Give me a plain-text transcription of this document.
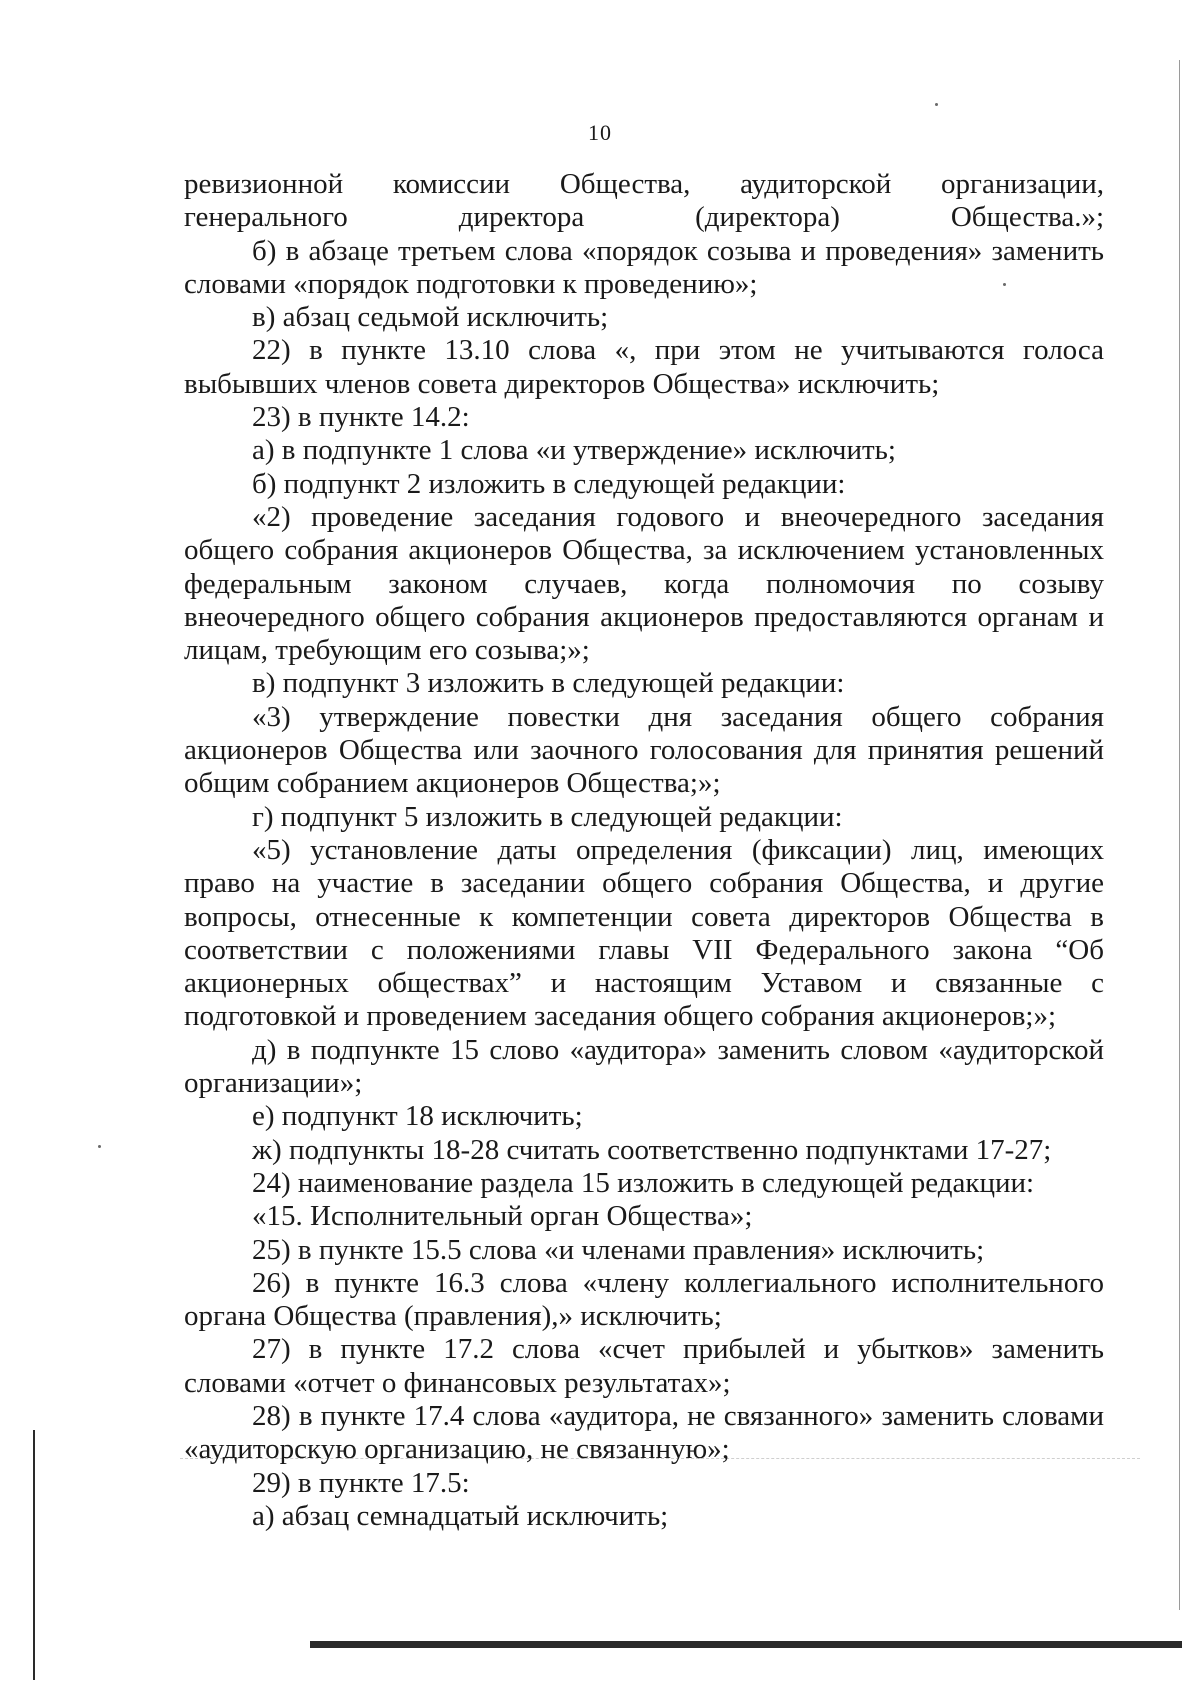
10

ревизионной комиссии Общества, аудиторской организации, генерального директора (директора) Общества.»;

б) в абзаце третьем слова «порядок созыва и проведения» заменить словами «порядок подготовки к проведению»;

в) абзац седьмой исключить;

22) в пункте 13.10 слова «, при этом не учитываются голоса выбывших членов совета директоров Общества» исключить;

23) в пункте 14.2:

а) в подпункте 1 слова «и утверждение» исключить;

б) подпункт 2 изложить в следующей редакции:

«2) проведение заседания годового и внеочередного заседания общего собрания акционеров Общества, за исключением установленных федеральным законом случаев, когда полномочия по созыву внеочередного общего собрания акционеров предоставляются органам и лицам, требующим его созыва;»;

в) подпункт 3 изложить в следующей редакции:

«3) утверждение повестки дня заседания общего собрания акционеров Общества или заочного голосования для принятия решений общим собранием акционеров Общества;»;

г) подпункт 5 изложить в следующей редакции:

«5) установление даты определения (фиксации) лиц, имеющих право на участие в заседании общего собрания Общества, и другие вопросы, отнесенные к компетенции совета директоров Общества в соответствии с положениями главы VII Федерального закона “Об акционерных обществах” и настоящим Уставом и связанные с подготовкой и проведением заседания общего собрания акционеров;»;

д) в подпункте 15 слово «аудитора» заменить словом «аудиторской организации»;

е) подпункт 18 исключить;

ж) подпункты 18-28 считать соответственно подпунктами 17-27;

24) наименование раздела 15 изложить в следующей редакции:

«15. Исполнительный орган Общества»;

25) в пункте 15.5 слова «и членами правления» исключить;

26) в пункте 16.3 слова «члену коллегиального исполнительного органа Общества (правления),» исключить;

27) в пункте 17.2 слова «счет прибылей и убытков» заменить словами «отчет о финансовых результатах»;

28) в пункте 17.4 слова «аудитора, не связанного» заменить словами «аудиторскую организацию, не связанную»;

29) в пункте 17.5:

а) абзац семнадцатый исключить;
